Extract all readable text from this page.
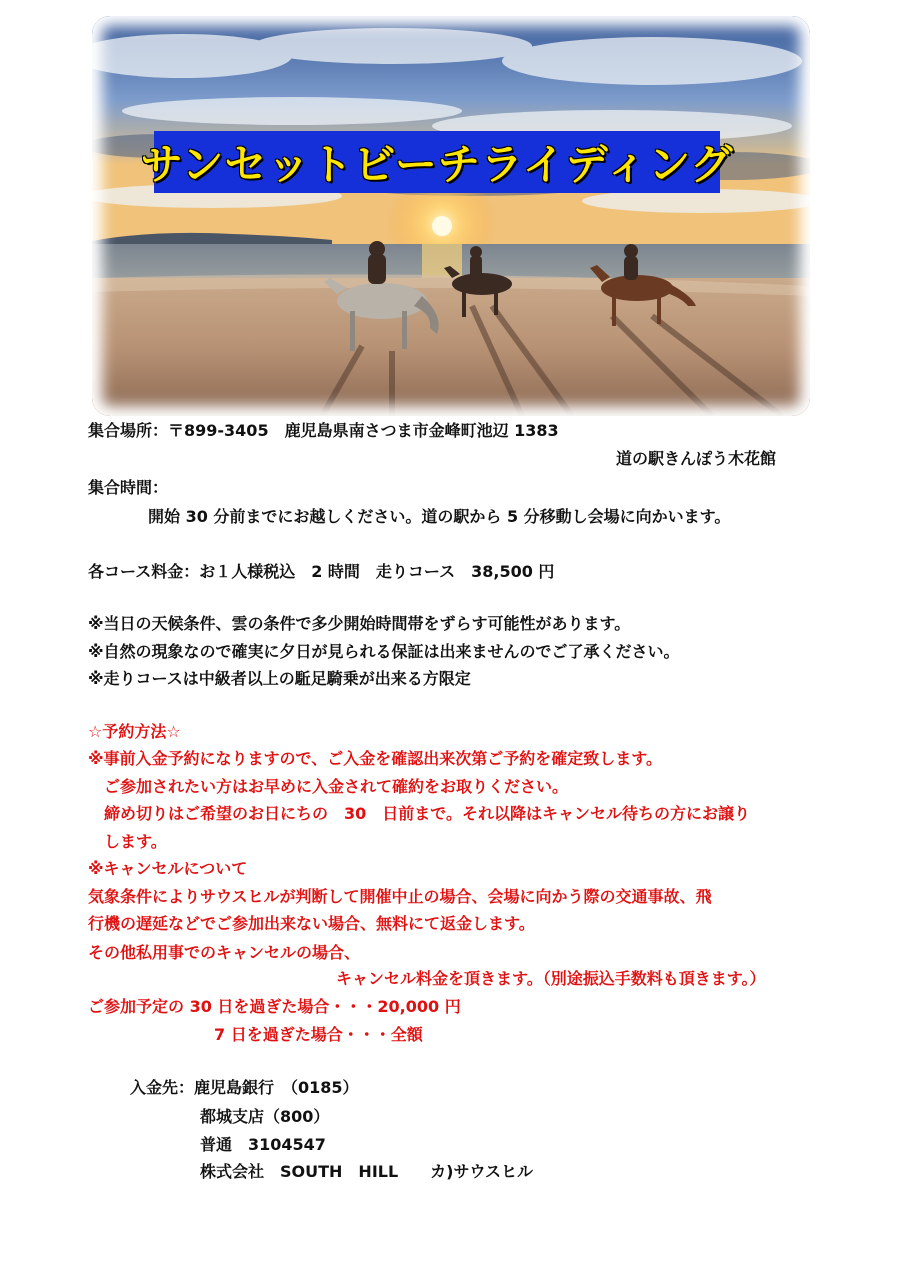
サンセットビーチライディング
集合場所：〒899-3405　鹿児島県南さつま市金峰町池辺 1383
道の駅きんぽう木花館
集合時間：
開始 30 分前までにお越しください。道の駅から 5 分移動し会場に向かいます。
各コース料金：お１人様税込　2 時間　走りコース　38,500 円
※当日の天候条件、雲の条件で多少開始時間帯をずらす可能性があります。
※自然の現象なので確実に夕日が見られる保証は出来ませんのでご了承ください。
※走りコースは中級者以上の駈足騎乗が出来る方限定
☆予約方法☆
※事前入金予約になりますので、ご入金を確認出来次第ご予約を確定致します。
ご参加されたい方はお早めに入金されて確約をお取りください。
締め切りはご希望のお日にちの　30　日前まで。それ以降はキャンセル待ちの方にお譲り
します。
※キャンセルについて
気象条件によりサウスヒルが判断して開催中止の場合、会場に向かう際の交通事故、飛
行機の遅延などでご参加出来ない場合、無料にて返金します。
その他私用事でのキャンセルの場合、
キャンセル料金を頂きます。（別途振込手数料も頂きます。）
ご参加予定の 30 日を過ぎた場合・・・20,000 円
7 日を過ぎた場合・・・全額
入金先：鹿児島銀行　（0185）
都城支店（800）
普通　3104547
株式会社　SOUTH　HILL　　カ)サウスヒル
